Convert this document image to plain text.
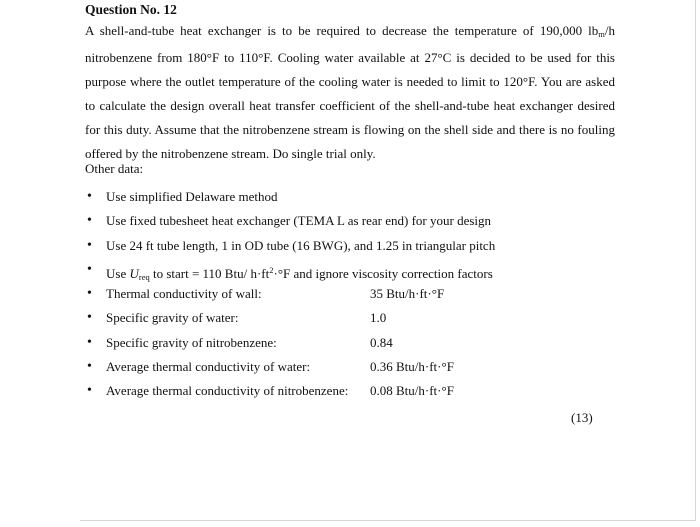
Question No. 12

A shell-and-tube heat exchanger is to be required to decrease the temperature of 190,000 $lb_m/h$ nitrobenzene from 180°F to 110°F. Cooling water available at 27°C is decided to be used for this purpose where the outlet temperature of the cooling water is needed to limit to 120°F. You are asked to calculate the design overall heat transfer coefficient of the shell-and-tube heat exchanger desired for this duty. Assume that the nitrobenzene stream is flowing on the shell side and there is no fouling offered by the nitrobenzene stream. Do single trial only.

Other data:
• Use simplified Delaware method
• Use fixed tubesheet heat exchanger (TEMA L as rear end) for your design
• Use 24 ft tube length, 1 in OD tube (16 BWG), and 1.25 in triangular pitch
• Use $U_{req}$ to start = 110 Btu/ $h\cdot ft^2\cdot^\circ F$ and ignore viscosity correction factors
• Thermal conductivity of wall:	35 Btu/h·ft·°F
• Specific gravity of water:	1.0
• Specific gravity of nitrobenzene:	0.84
• Average thermal conductivity of water:	0.36 Btu/h·ft·°F
• Average thermal conductivity of nitrobenzene: 0.08 Btu/h·ft·°F
(13)
